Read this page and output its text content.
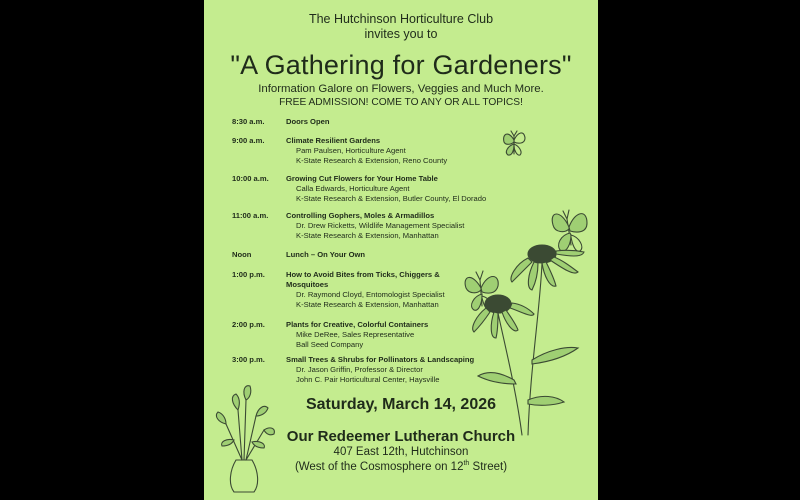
The Hutchinson Horticulture Club
invites you to
"A Gathering for Gardeners"
Information Galore on Flowers, Veggies and Much More.
FREE ADMISSION! COME TO ANY OR ALL TOPICS!
8:30 a.m.	Doors Open
9:00 a.m.	Climate Resilient Gardens
Pam Paulsen, Horticulture Agent
K-State Research & Extension, Reno County
10:00 a.m.	Growing Cut Flowers for Your Home Table
Calla Edwards, Horticulture Agent
K-State Research & Extension, Butler County, El Dorado
11:00 a.m.	Controlling Gophers, Moles & Armadillos
Dr. Drew Ricketts, Wildlife Management Specialist
K-State Research & Extension, Manhattan
Noon	Lunch – On Your Own
1:00 p.m.	How to Avoid Bites from Ticks, Chiggers &
Mosquitoes
Dr. Raymond Cloyd, Entomologist Specialist
K-State Research & Extension, Manhattan
2:00 p.m.	Plants for Creative, Colorful Containers
Mike DeRee, Sales Representative
Ball Seed Company
3:00 p.m.	Small Trees & Shrubs for Pollinators & Landscaping
Dr. Jason Griffin, Professor & Director
John C. Pair Horticultural Center, Haysville
Saturday, March 14, 2026
Our Redeemer Lutheran Church
407 East 12th, Hutchinson
(West of the Cosmosphere on 12th Street)
